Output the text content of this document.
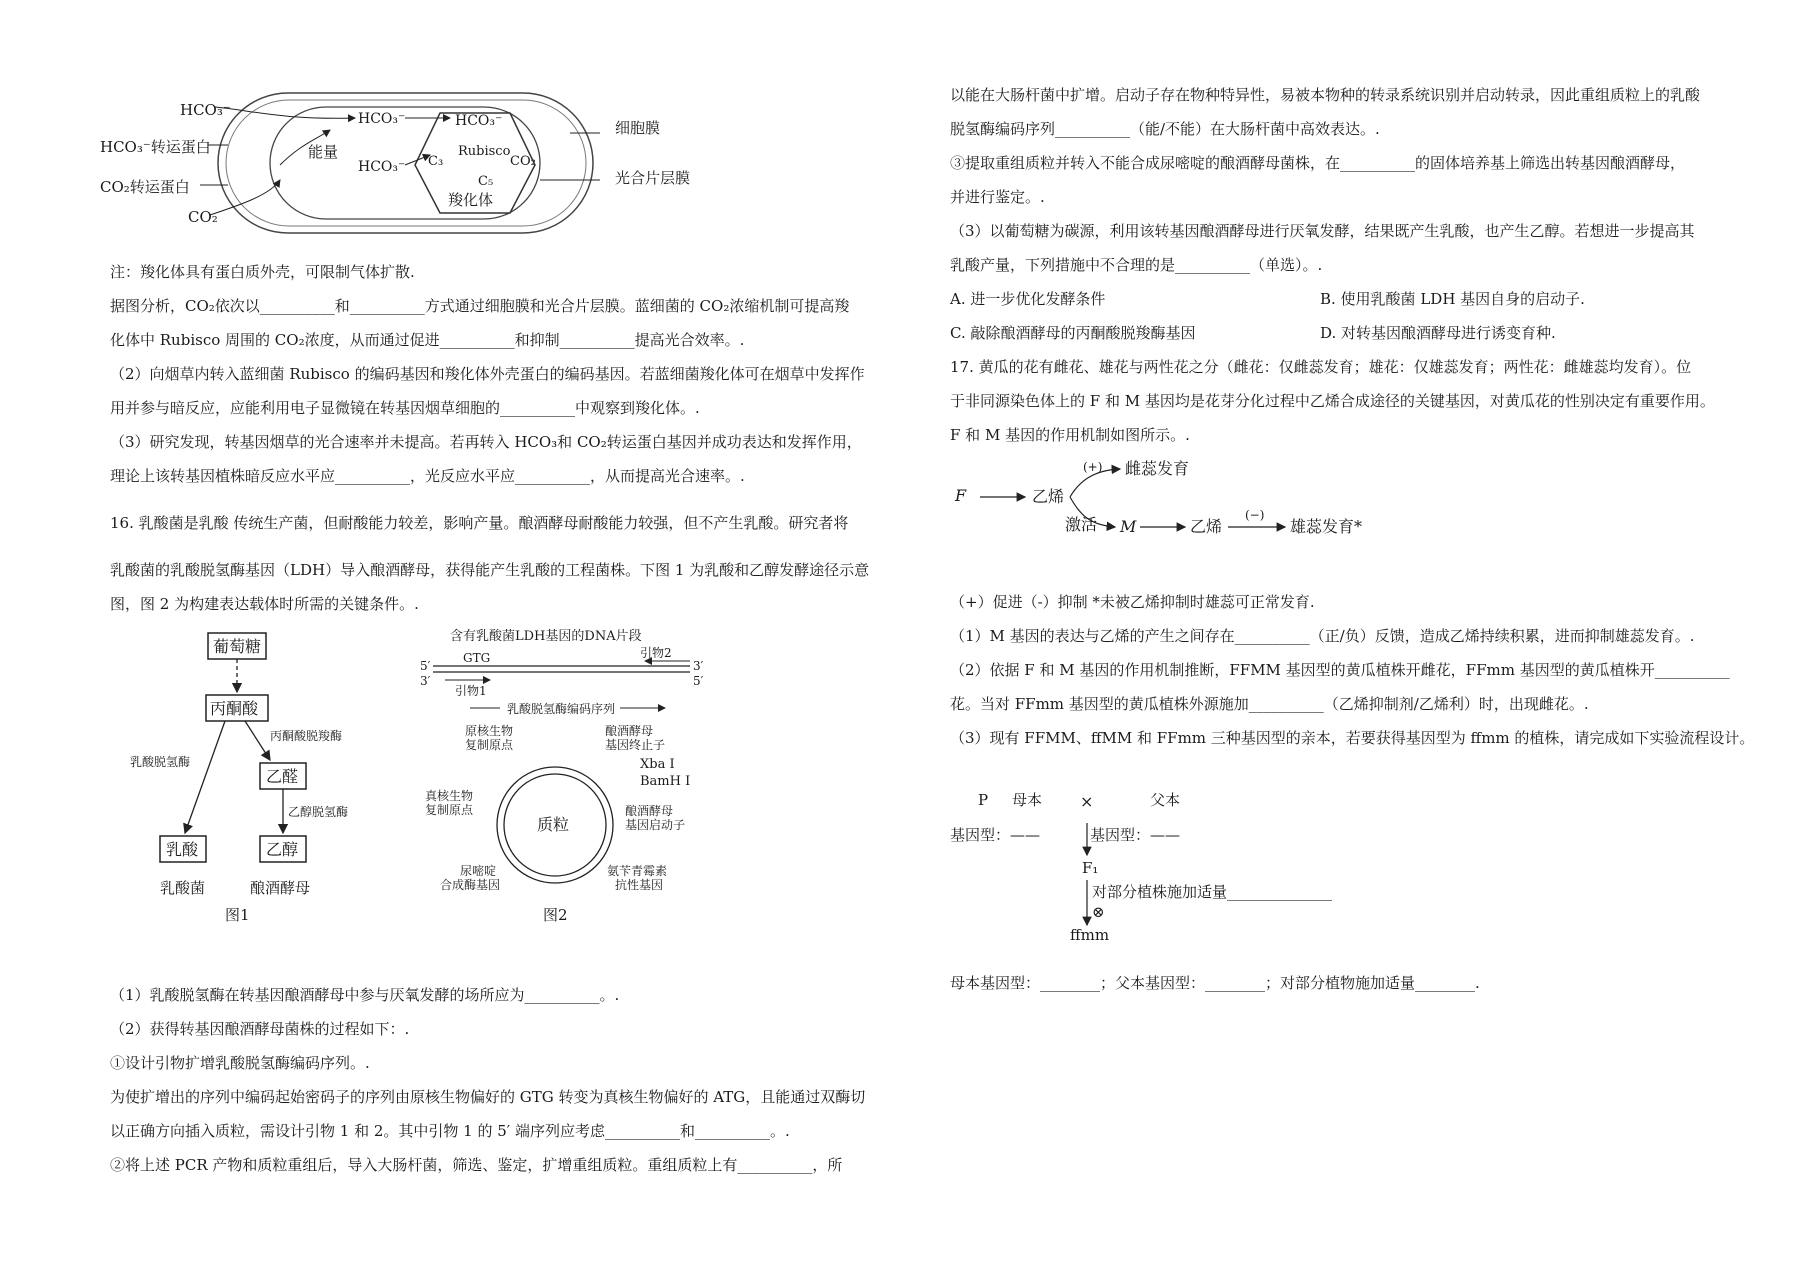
HCO₃⁻
HCO₃⁻转运蛋白
CO₂转运蛋白
CO₂
能量
HCO₃⁻	HCO₃⁻
HCO₃⁻
Rubisco
C₃	CO₂
C₅
羧化体
细胞膜
光合片层膜
注：羧化体具有蛋白质外壳，可限制气体扩散.
据图分析，CO₂依次以__________和__________方式通过细胞膜和光合片层膜。蓝细菌的 CO₂浓缩机制可提高羧
化体中 Rubisco 周围的 CO₂浓度，从而通过促进__________和抑制__________提高光合效率。.
（2）向烟草内转入蓝细菌 Rubisco 的编码基因和羧化体外壳蛋白的编码基因。若蓝细菌羧化体可在烟草中发挥作
用并参与暗反应，应能利用电子显微镜在转基因烟草细胞的__________中观察到羧化体。.
（3）研究发现，转基因烟草的光合速率并未提高。若再转入 HCO₃和 CO₂转运蛋白基因并成功表达和发挥作用，
理论上该转基因植株暗反应水平应__________，光反应水平应__________，从而提高光合速率。.
16. 乳酸菌是乳酸 传统生产菌，但耐酸能力较差，影响产量。酿酒酵母耐酸能力较强，但不产生乳酸。研究者将
乳酸菌的乳酸脱氢酶基因（LDH）导入酿酒酵母，获得能产生乳酸的工程菌株。下图 1 为乳酸和乙醇发酵途径示意
图，图 2 为构建表达载体时所需的关键条件。.
葡萄糖
丙酮酸
乳酸脱氢酶
丙酮酸脱羧酶
乙醛
乙醇脱氢酶
乳酸	乙醇
乳酸菌	酿酒酵母
图1
含有乳酸菌LDH基因的DNA片段
5′
3′
3′
5′
GTG	引物2
引物1
乳酸脱氢酶编码序列
质粒
原核生物复制原点
真核生物复制原点
酿酒酵母基因终止子
Xba I
BamH I
酿酒酵母基因启动子
尿嘧啶合成酶基因
氨苄青霉素抗性基因
图2
（1）乳酸脱氢酶在转基因酿酒酵母中参与厌氧发酵的场所应为__________。.
（2）获得转基因酿酒酵母菌株的过程如下：.
①设计引物扩增乳酸脱氢酶编码序列。.
为使扩增出的序列中编码起始密码子的序列由原核生物偏好的 GTG 转变为真核生物偏好的 ATG，且能通过双酶切
以正确方向插入质粒，需设计引物 1 和 2。其中引物 1 的 5′ 端序列应考虑__________和__________。.
②将上述 PCR 产物和质粒重组后，导入大肠杆菌，筛选、鉴定，扩增重组质粒。重组质粒上有__________，所
以能在大肠杆菌中扩增。启动子存在物种特异性，易被本物种的转录系统识别并启动转录，因此重组质粒上的乳酸
脱氢酶编码序列__________（能/不能）在大肠杆菌中高效表达。.
③提取重组质粒并转入不能合成尿嘧啶的酿酒酵母菌株，在__________的固体培养基上筛选出转基因酿酒酵母，
并进行鉴定。.
（3）以葡萄糖为碳源，利用该转基因酿酒酵母进行厌氧发酵，结果既产生乳酸，也产生乙醇。若想进一步提高其
乳酸产量，下列措施中不合理的是__________（单选）。.
A. 进一步优化发酵条件	B. 使用乳酸菌 LDH 基因自身的启动子.
C. 敲除酿酒酵母的丙酮酸脱羧酶基因	D. 对转基因酿酒酵母进行诱变育种.
17. 黄瓜的花有雌花、雄花与两性花之分（雌花：仅雌蕊发育；雄花：仅雄蕊发育；两性花：雌雄蕊均发育）。位
于非同源染色体上的 F 和 M 基因均是花芽分化过程中乙烯合成途径的关键基因，对黄瓜花的性别决定有重要作用。
F 和 M 基因的作用机制如图所示。.
F	乙烯
(+) 雌蕊发育
激活 M	乙烯
(−)
雄蕊发育*
（+）促进（-）抑制 *未被乙烯抑制时雄蕊可正常发育.
（1）M 基因的表达与乙烯的产生之间存在__________（正/负）反馈，造成乙烯持续积累，进而抑制雄蕊发育。.
（2）依据 F 和 M 基因的作用机制推断，FFMM 基因型的黄瓜植株开雌花，FFmm 基因型的黄瓜植株开__________
花。当对 FFmm 基因型的黄瓜植株外源施加__________（乙烯抑制剂/乙烯利）时，出现雌花。.
（3）现有 FFMM、ffMM 和 FFmm 三种基因型的亲本，若要获得基因型为 ffmm 的植株，请完成如下实验流程设计。
P 母本 ×	父本
基因型：——	基因型：——
F₁
对部分植株施加适量______________
⊗
ffmm
母本基因型：________；父本基因型：________；对部分植物施加适量________.
